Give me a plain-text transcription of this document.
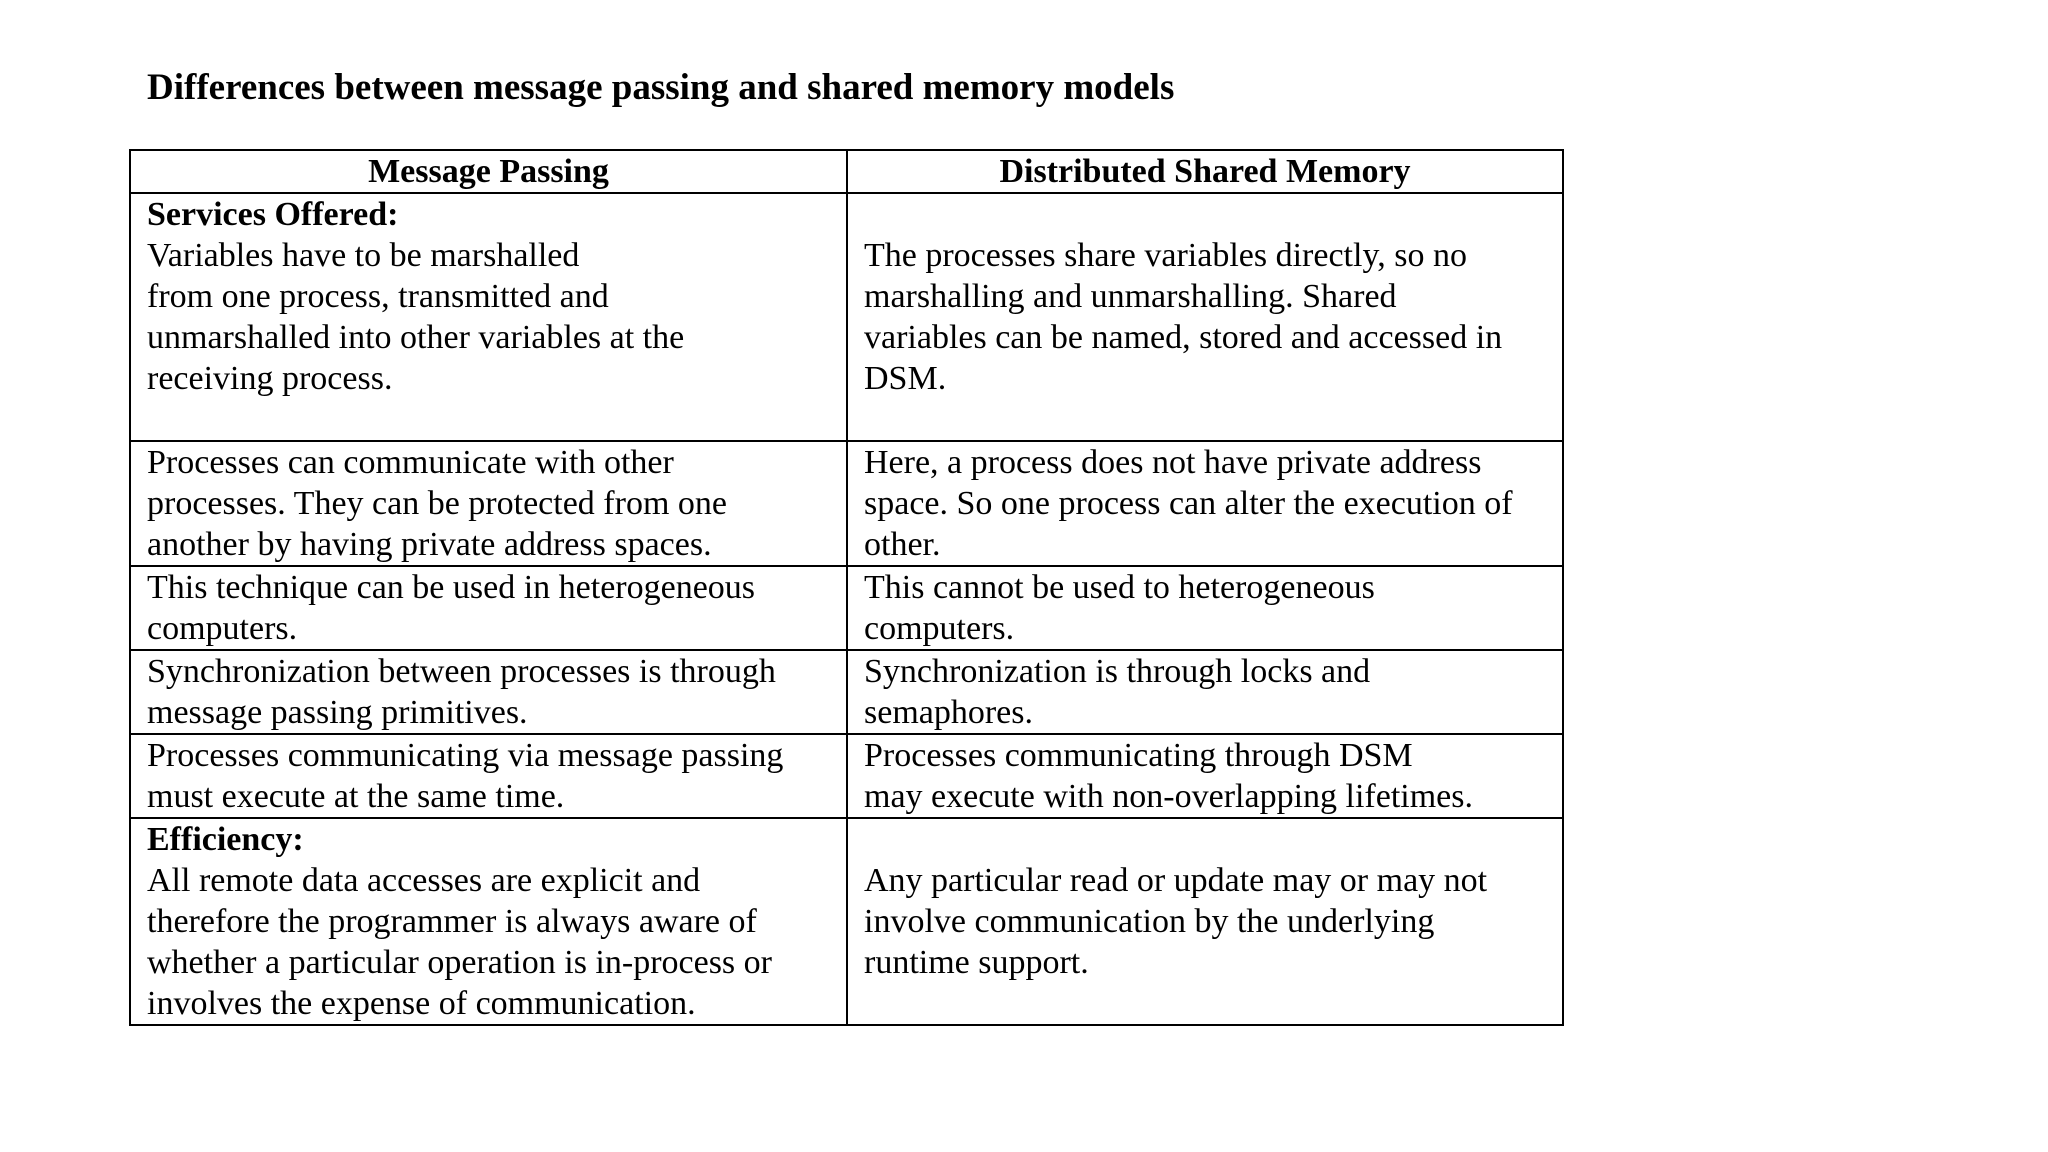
Differences between message passing and shared memory models
Message Passing	Distributed Shared Memory

Services Offered:
Variables have to be marshalled
from one process, transmitted and
unmarshalled into other variables at the
receiving process.	The processes share variables directly, so no
marshalling and unmarshalling. Shared
variables can be named, stored and accessed in
DSM.

Processes can communicate with other
processes. They can be protected from one
another by having private address spaces.	Here, a process does not have private address
space. So one process can alter the execution of
other.

This technique can be used in heterogeneous
computers.	This cannot be used to heterogeneous
computers.

Synchronization between processes is through
message passing primitives.	Synchronization is through locks and
semaphores.

Processes communicating via message passing
must execute at the same time.	Processes communicating through DSM
may execute with non-overlapping lifetimes.

Efficiency:
All remote data accesses are explicit and
therefore the programmer is always aware of
whether a particular operation is in-process or
involves the expense of communication.	Any particular read or update may or may not
involve communication by the underlying
runtime support.
